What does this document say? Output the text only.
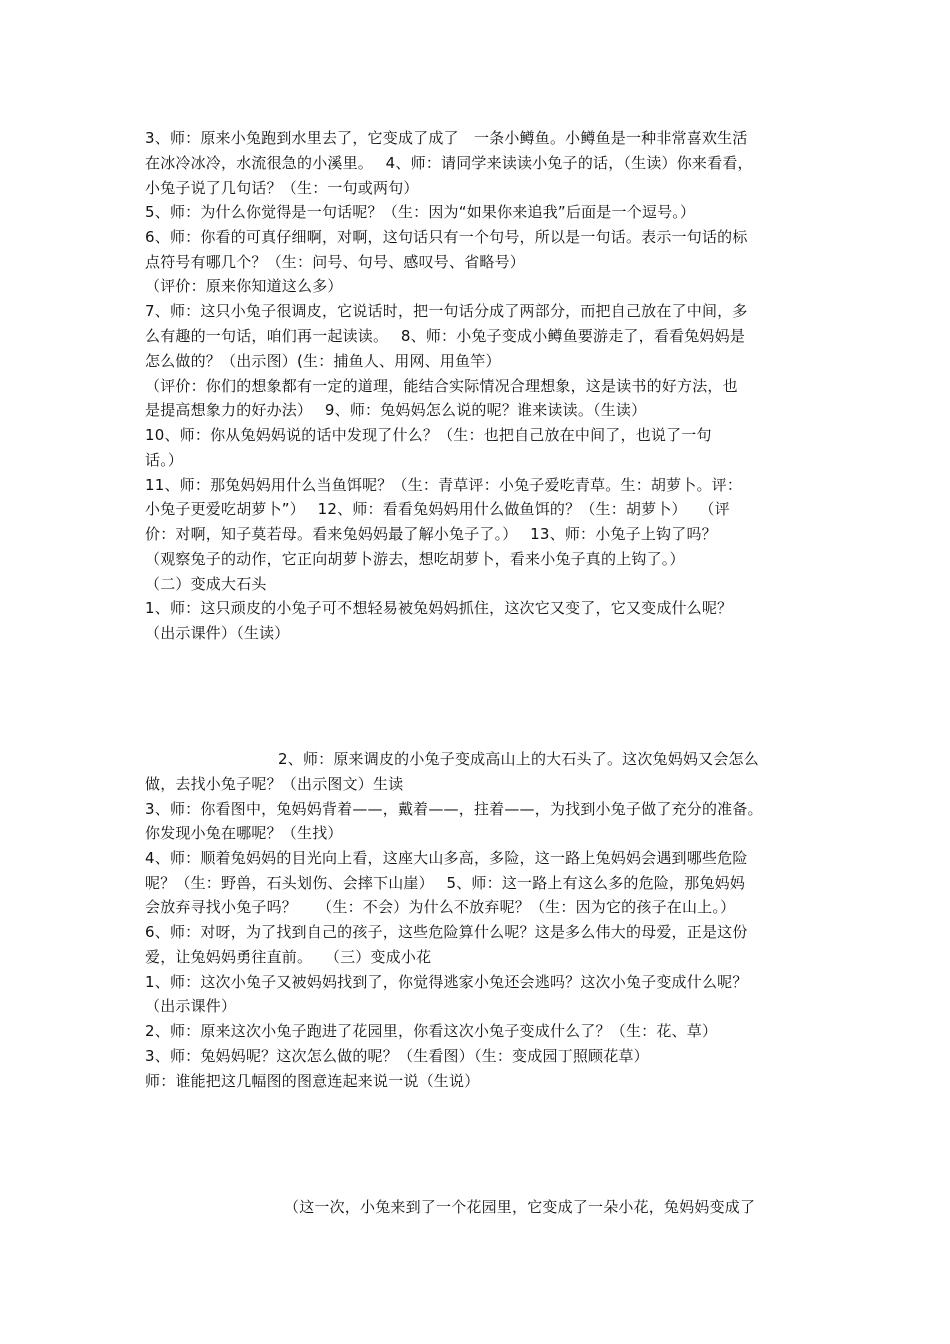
3、师：原来小兔跑到水里去了，它变成了成了　一条小鳟鱼。小鳟鱼是一种非常喜欢生活
在冰冷冰冷，水流很急的小溪里。　 4、师：请同学来读读小兔子的话，（生读）你来看看，
小兔子说了几句话？（生：一句或两句）
5、师：为什么你觉得是一句话呢？（生：因为“如果你来追我”后面是一个逗号。）
6、师：你看的可真仔细啊，对啊，这句话只有一个句号，所以是一句话。表示一句话的标
点符号有哪几个？（生：问号、句号、感叹号、省略号）
（评价：原来你知道这么多）
7、师：这只小兔子很调皮，它说话时，把一句话分成了两部分，而把自己放在了中间，多
么有趣的一句话，咱们再一起读读。　 8、师：小兔子变成小鳟鱼要游走了，看看兔妈妈是
怎么做的？（出示图）(生：捕鱼人、用网、用鱼竿）
（评价：你们的想象都有一定的道理，能结合实际情况合理想象，这是读书的好方法，也
是提高想象力的好办法）　 9、师：兔妈妈怎么说的呢？谁来读读。（生读）
10、师：你从兔妈妈说的话中发现了什么？（生：也把自己放在中间了，也说了一句
话。）
11、师：那兔妈妈用什么当鱼饵呢？（生：青草评：小兔子爱吃青草。生：胡萝卜。评：
小兔子更爱吃胡萝卜”）　 12、师：看看兔妈妈用什么做鱼饵的？（生：胡萝卜）　 （评
价：对啊，知子莫若母。看来兔妈妈最了解小兔子了。）　 13、师：小兔子上钩了吗？
（观察兔子的动作，它正向胡萝卜游去，想吃胡萝卜，看来小兔子真的上钩了。）
（二）变成大石头
1、师：这只顽皮的小兔子可不想轻易被兔妈妈抓住，这次它又变了，它又变成什么呢？
（出示课件）（生读）
2、师：原来调皮的小兔子变成高山上的大石头了。这次兔妈妈又会怎么
做，去找小兔子呢？（出示图文）生读
3、师：你看图中，兔妈妈背着——，戴着——，拄着——，为找到小兔子做了充分的准备。
你发现小兔在哪呢？（生找）
4、师：顺着兔妈妈的目光向上看，这座大山多高，多险，这一路上兔妈妈会遇到哪些危险
呢？（生：野兽，石头划伤、会摔下山崖）　 5、师：这一路上有这么多的危险，那兔妈妈
会放弃寻找小兔子吗？　 （生：不会）为什么不放弃呢？（生：因为它的孩子在山上。）
6、师：对呀，为了找到自己的孩子，这些危险算什么呢？这是多么伟大的母爱，正是这份
爱，让兔妈妈勇往直前。　 （三）变成小花
1、师：这次小兔子又被妈妈找到了，你觉得逃家小兔还会逃吗？这次小兔子变成什么呢？
（出示课件）
2、师：原来这次小兔子跑进了花园里，你看这次小兔子变成什么了？（生：花、草）
3、师：兔妈妈呢？这次怎么做的呢？（生看图）（生：变成园丁照顾花草）
师：谁能把这几幅图的图意连起来说一说（生说）
（这一次，小兔来到了一个花园里，它变成了一朵小花，兔妈妈变成了
